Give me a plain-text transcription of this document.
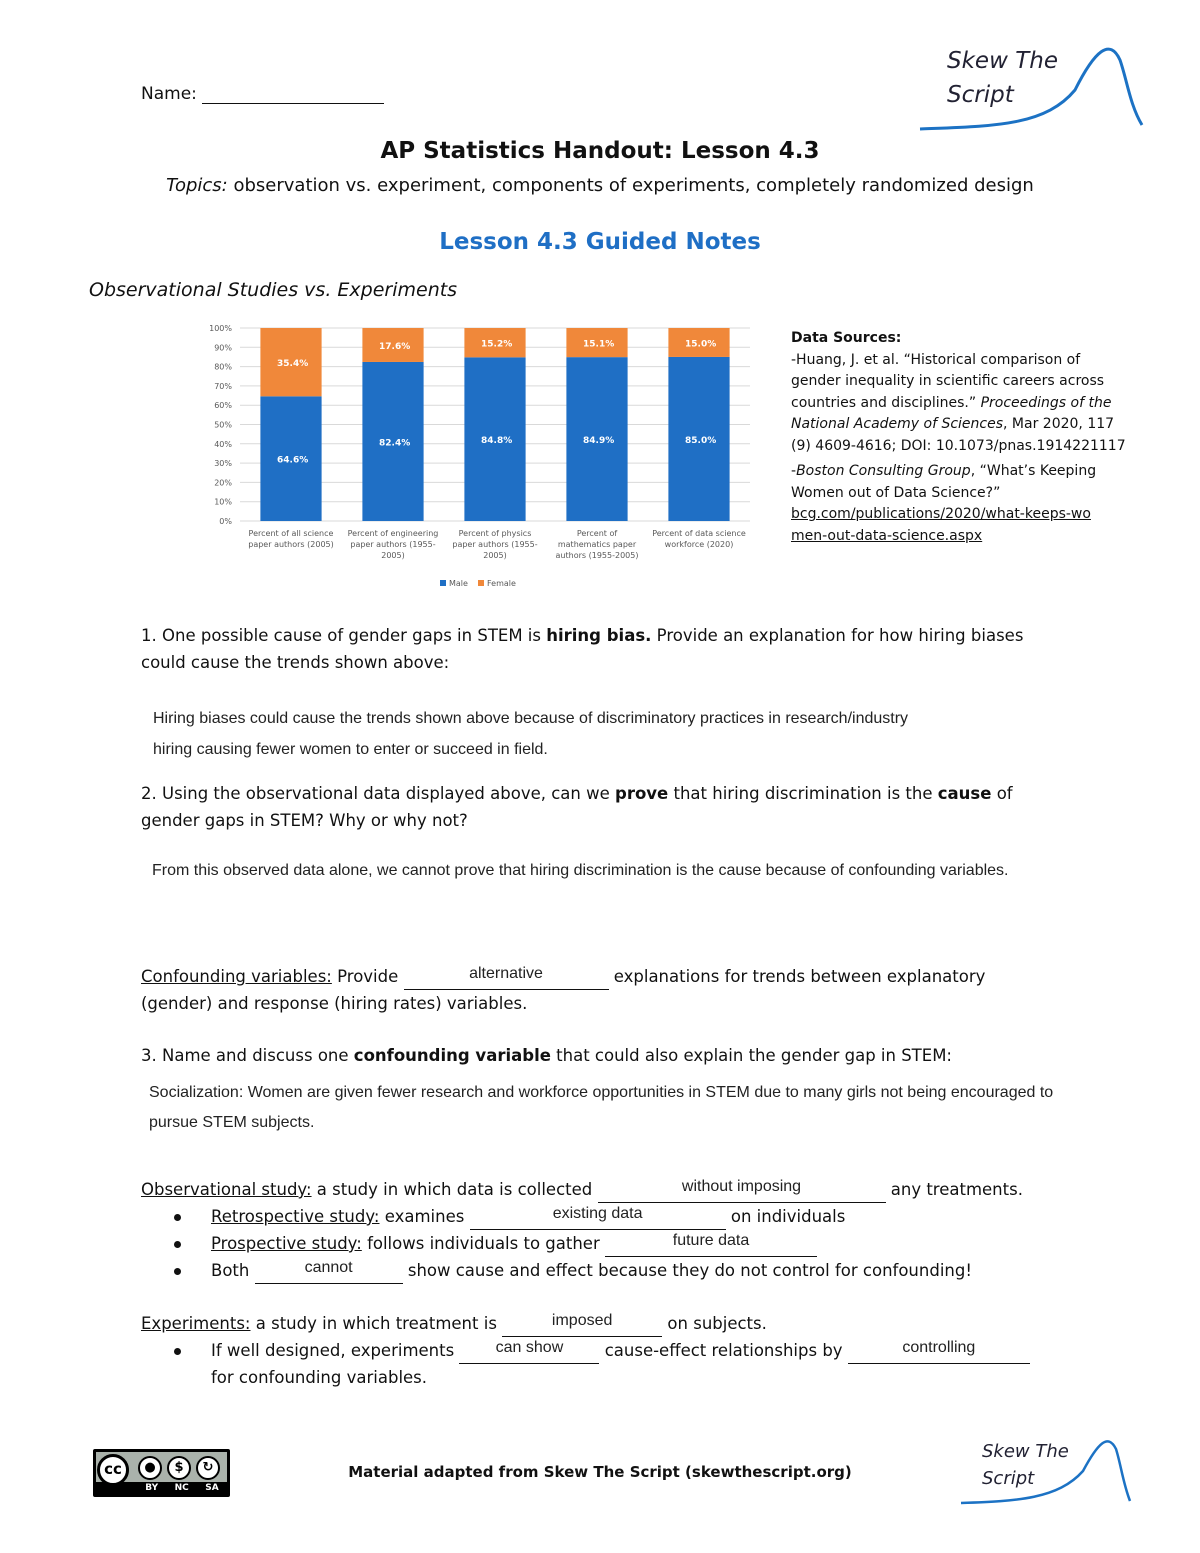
Name:
Skew The
Script
AP Statistics Handout: Lesson 4.3
Topics: observation vs. experiment, components of experiments, completely randomized design
Lesson 4.3 Guided Notes
Observational Studies vs. Experiments
0%
10%
20%
30%
40%
50%
60%
70%
80%
90%
100%
64.6%
35.4%
Percent of all science
paper authors (2005)
82.4%
17.6%
Percent of engineering
paper authors (1955-
2005)
84.8%
15.2%
Percent of physics
paper authors (1955-
2005)
84.9%
15.1%
Percent of
mathematics paper
authors (1955-2005)
85.0%
15.0%
Percent of data science
workforce (2020)
Male Female
Data Sources:
-Huang, J. et al. “Historical comparison of gender inequality in scientific careers across countries and disciplines.” Proceedings of the National Academy of Sciences, Mar 2020, 117 (9) 4609-4616; DOI: 10.1073/pnas.1914221117
-Boston Consulting Group, “What’s Keeping Women out of Data Science?”
bcg.com/publications/2020/what-keeps-women-out-data-science.aspx
1. One possible cause of gender gaps in STEM is hiring bias. Provide an explanation for how hiring biases could cause the trends shown above:
Hiring biases could cause the trends shown above because of discriminatory practices in research/industry
hiring causing fewer women to enter or succeed in field.
2. Using the observational data displayed above, can we prove that hiring discrimination is the cause of gender gaps in STEM? Why or why not?
From this observed data alone, we cannot prove that hiring discrimination is the cause because of confounding variables.
Confounding variables: Provide	alternative	explanations for trends between explanatory (gender) and response (hiring rates) variables.
3. Name and discuss one confounding variable that could also explain the gender gap in STEM:
Socialization: Women are given fewer research and workforce opportunities in STEM due to many girls not being encouraged to
pursue STEM subjects.
Observational study: a study in which data is collected	without imposing	any treatments.
Retrospective study: examines	existing data	on individuals
Prospective study: follows individuals to gather	future data
Both	cannot	show cause and effect because they do not control for confounding!
Experiments: a study in which treatment is	imposed	on subjects.
If well designed, experiments	can show	cause-effect relationships by	controlling
for confounding variables.
cc	●	$	↻
BY NC SA
Material adapted from Skew The Script (skewthescript.org)
Skew The
Script
